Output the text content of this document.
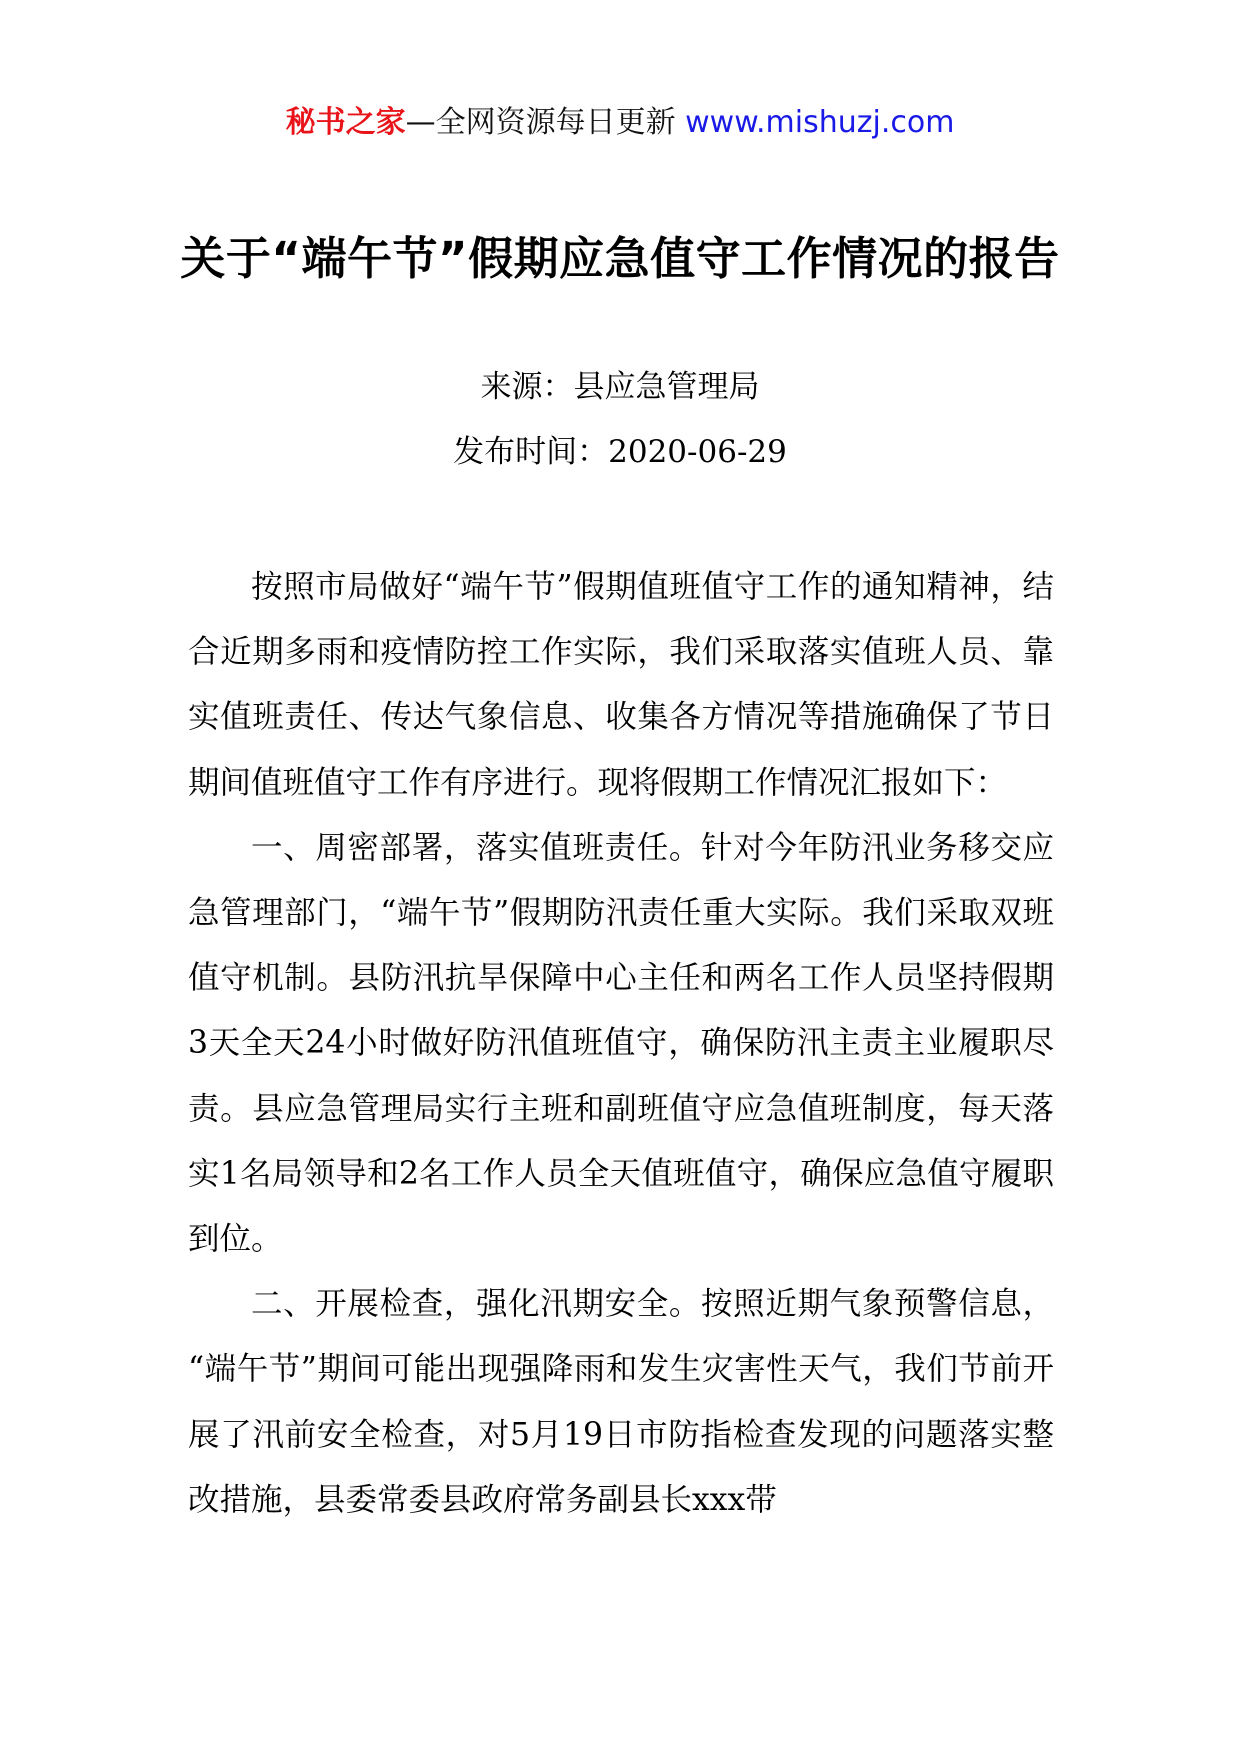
秘书之家—全网资源每日更新 www.mishuzj.com
关于“端午节”假期应急值守工作情况的报告
来源：县应急管理局
发布时间：2020-06-29

按照市局做好“端午节”假期值班值守工作的通知精神，结合近期多雨和疫情防控工作实际，我们采取落实值班人员、靠实值班责任、传达气象信息、收集各方情况等措施确保了节日期间值班值守工作有序进行。现将假期工作情况汇报如下：

一、周密部署，落实值班责任。针对今年防汛业务移交应急管理部门，“端午节”假期防汛责任重大实际。我们采取双班值守机制。县防汛抗旱保障中心主任和两名工作人员坚持假期3天全天24小时做好防汛值班值守，确保防汛主责主业履职尽责。县应急管理局实行主班和副班值守应急值班制度，每天落实1名局领导和2名工作人员全天值班值守，确保应急值守履职到位。

二、开展检查，强化汛期安全。按照近期气象预警信息，“端午节”期间可能出现强降雨和发生灾害性天气，我们节前开展了汛前安全检查，对5月19日市防指检查发现的问题落实整改措施，县委常委县政府常务副县长xxx带
